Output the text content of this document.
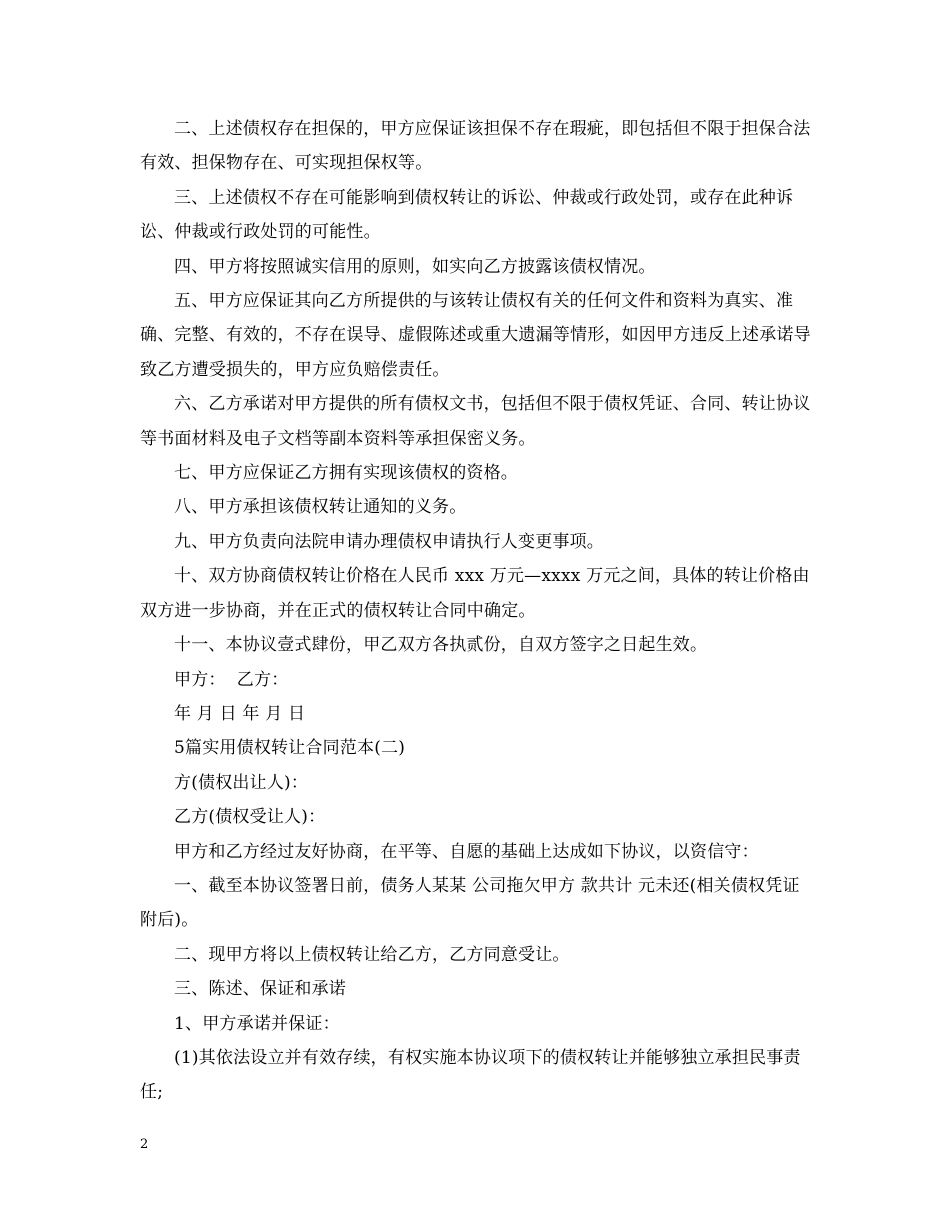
二、上述债权存在担保的，甲方应保证该担保不存在瑕疵，即包括但不限于担保合法有效、担保物存在、可实现担保权等。

三、上述债权不存在可能影响到债权转让的诉讼、仲裁或行政处罚，或存在此种诉讼、仲裁或行政处罚的可能性。

四、甲方将按照诚实信用的原则，如实向乙方披露该债权情况。

五、甲方应保证其向乙方所提供的与该转让债权有关的任何文件和资料为真实、准确、完整、有效的，不存在误导、虚假陈述或重大遗漏等情形，如因甲方违反上述承诺导致乙方遭受损失的，甲方应负赔偿责任。

六、乙方承诺对甲方提供的所有债权文书，包括但不限于债权凭证、合同、转让协议等书面材料及电子文档等副本资料等承担保密义务。

七、甲方应保证乙方拥有实现该债权的资格。

八、甲方承担该债权转让通知的义务。

九、甲方负责向法院申请办理债权申请执行人变更事项。

十、双方协商债权转让价格在人民币 xxx 万元—xxxx 万元之间，具体的转让价格由双方进一步协商，并在正式的债权转让合同中确定。

十一、本协议壹式肆份，甲乙双方各执贰份，自双方签字之日起生效。

甲方：  乙方：

年 月 日 年 月 日

5篇实用债权转让合同范本(二)

方(债权出让人)：

乙方(债权受让人)：

甲方和乙方经过友好协商，在平等、自愿的基础上达成如下协议，以资信守：

一、截至本协议签署日前，债务人某某 公司拖欠甲方 款共计 元未还(相关债权凭证附后)。

二、现甲方将以上债权转让给乙方，乙方同意受让。

三、陈述、保证和承诺

1、甲方承诺并保证：

(1)其依法设立并有效存续，有权实施本协议项下的债权转让并能够独立承担民事责任;

2
